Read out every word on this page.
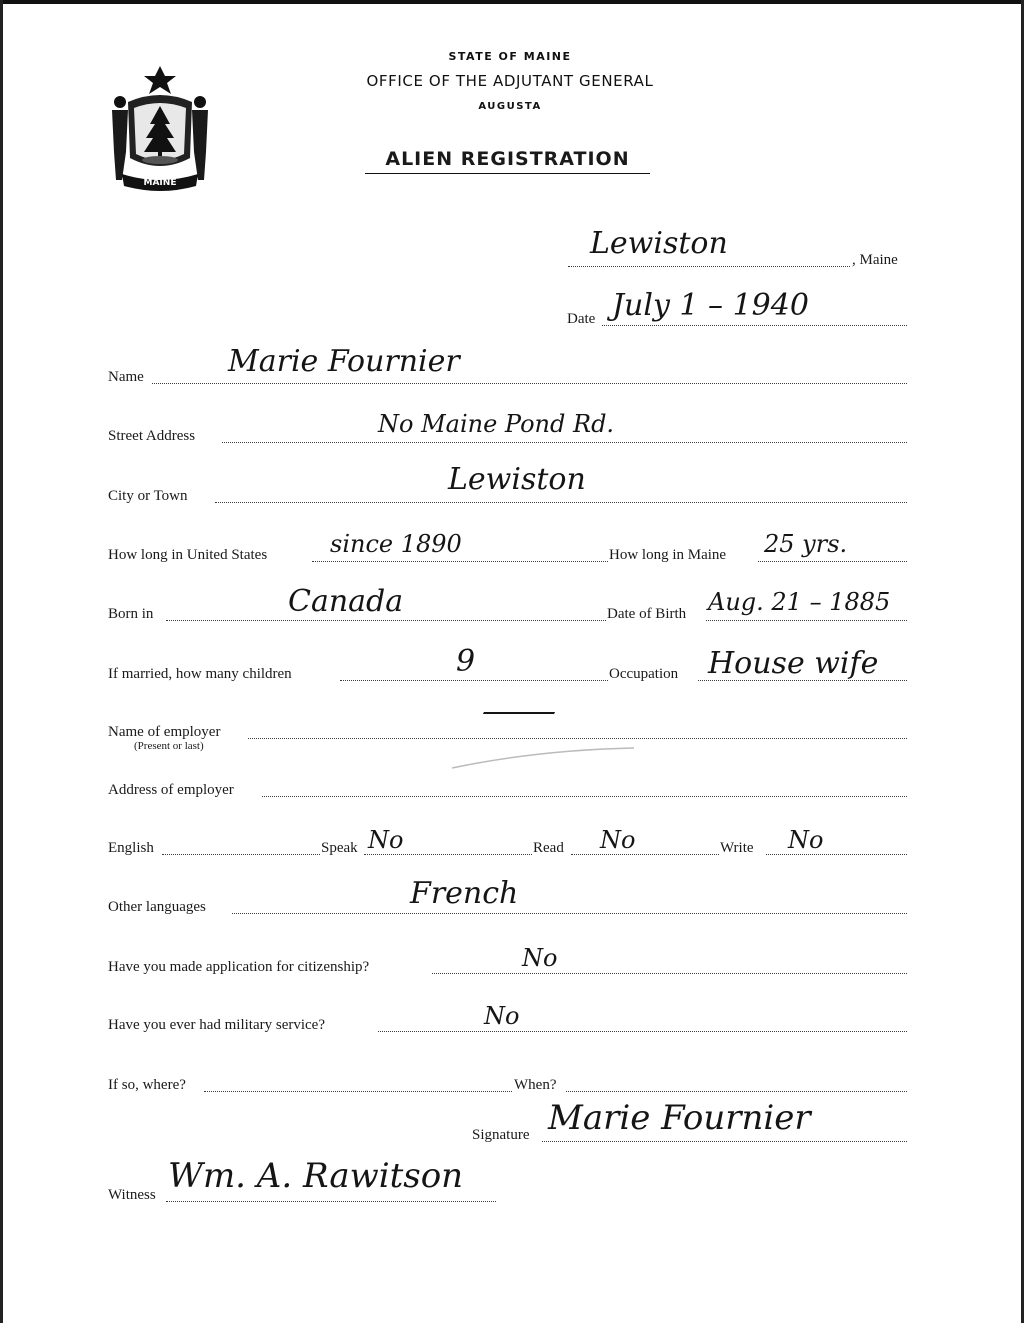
MAINE
STATE OF MAINE
OFFICE OF THE ADJUTANT GENERAL
AUGUSTA
ALIEN REGISTRATION
Lewiston	, Maine
Date July 1 – 1940
Name	Marie Fournier
Street Address	No Maine Pond Rd.
City or Town	Lewiston
How long in United States	since 1890	How long in Maine 25 yrs.
Born in	Canada	Date of Birth Aug. 21 – 1885
If married, how many children	9	Occupation House wife
Name of employer
(Present or last)
—
Address of employer
English	Speak No	Read No	Write No
Other languages	French
Have you made application for citizenship?	No
Have you ever had military service?	No
If so, where?	When?
Signature Marie Fournier
Witness Wm. A. Rawitson
